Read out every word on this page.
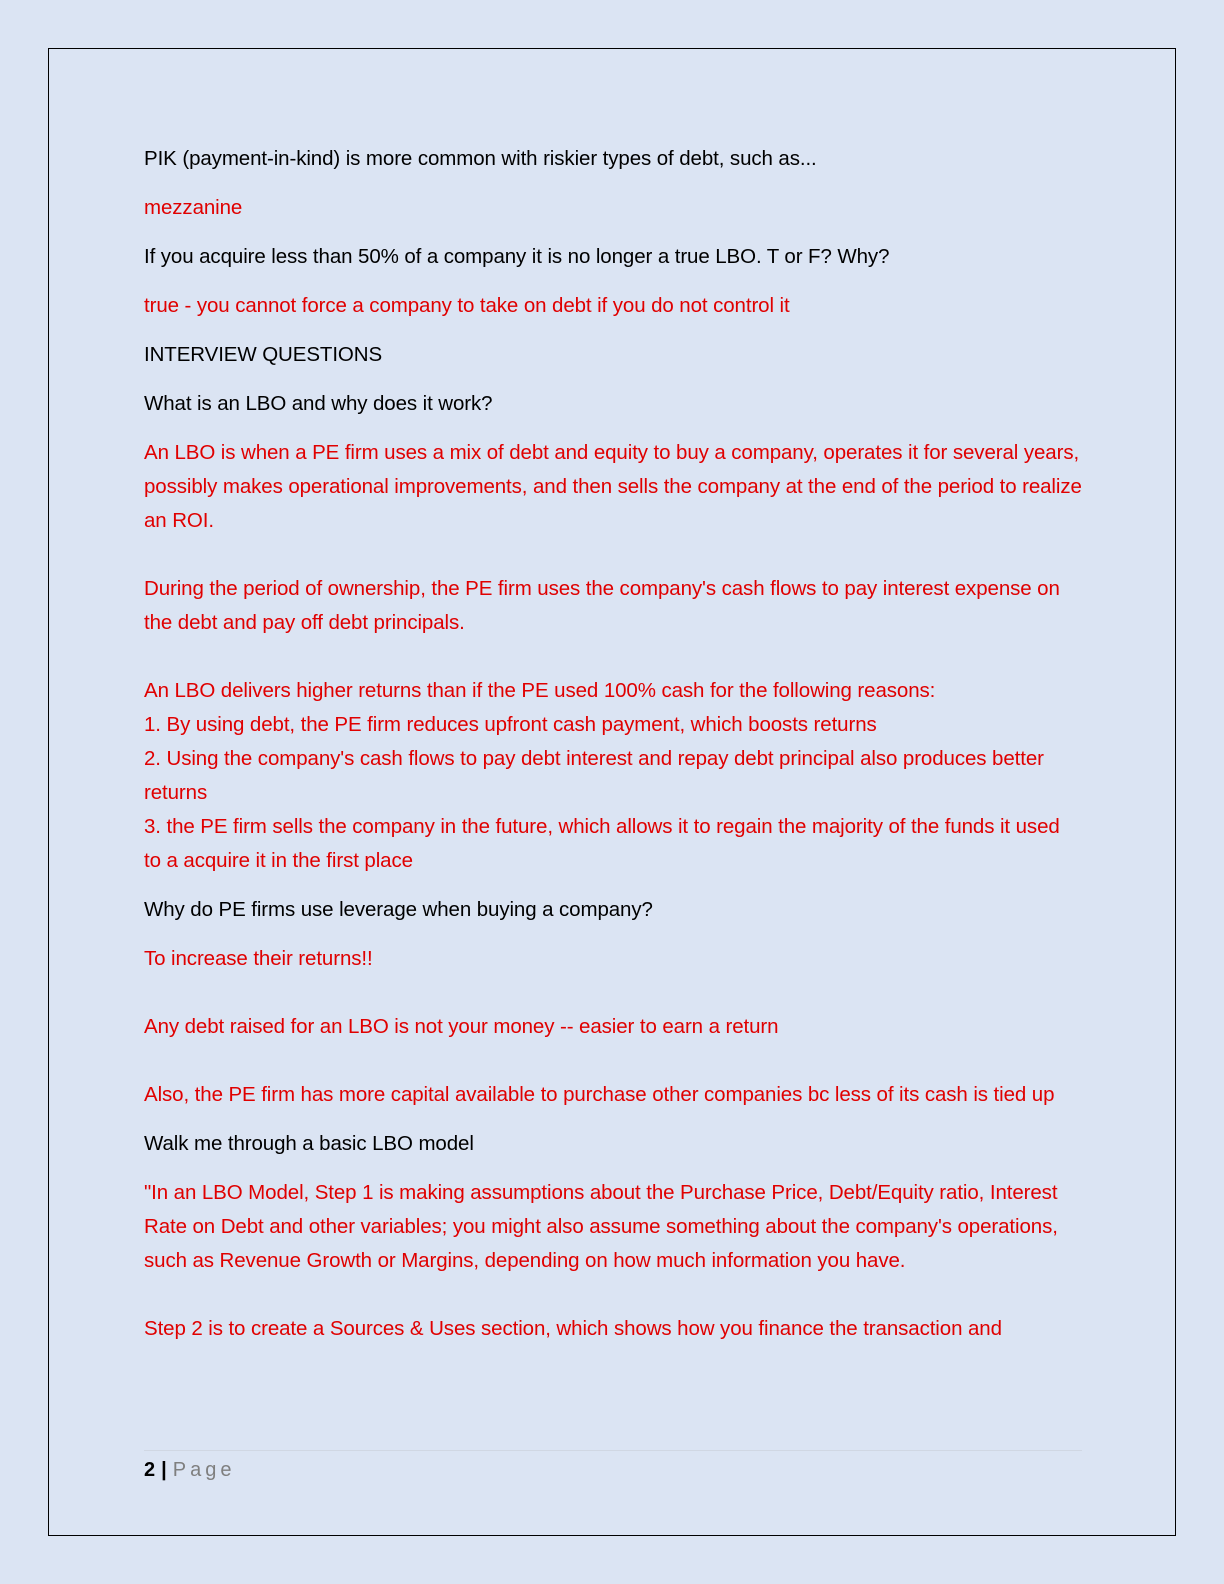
PIK (payment-in-kind) is more common with riskier types of debt, such as...

mezzanine

If you acquire less than 50% of a company it is no longer a true LBO. T or F? Why?

true - you cannot force a company to take on debt if you do not control it

INTERVIEW QUESTIONS

What is an LBO and why does it work?

An LBO is when a PE firm uses a mix of debt and equity to buy a company, operates it for several years, possibly makes operational improvements, and then sells the company at the end of the period to realize an ROI.

During the period of ownership, the PE firm uses the company's cash flows to pay interest expense on the debt and pay off debt principals.

An LBO delivers higher returns than if the PE used 100% cash for the following reasons:
1. By using debt, the PE firm reduces upfront cash payment, which boosts returns
2. Using the company's cash flows to pay debt interest and repay debt principal also produces better returns
3. the PE firm sells the company in the future, which allows it to regain the majority of the funds it used to a acquire it in the first place

Why do PE firms use leverage when buying a company?

To increase their returns!!

Any debt raised for an LBO is not your money -- easier to earn a return

Also, the PE firm has more capital available to purchase other companies bc less of its cash is tied up

Walk me through a basic LBO model

"In an LBO Model, Step 1 is making assumptions about the Purchase Price, Debt/Equity ratio, Interest Rate on Debt and other variables; you might also assume something about the company's operations, such as Revenue Growth or Margins, depending on how much information you have.

Step 2 is to create a Sources & Uses section, which shows how you finance the transaction and

2 | Page
